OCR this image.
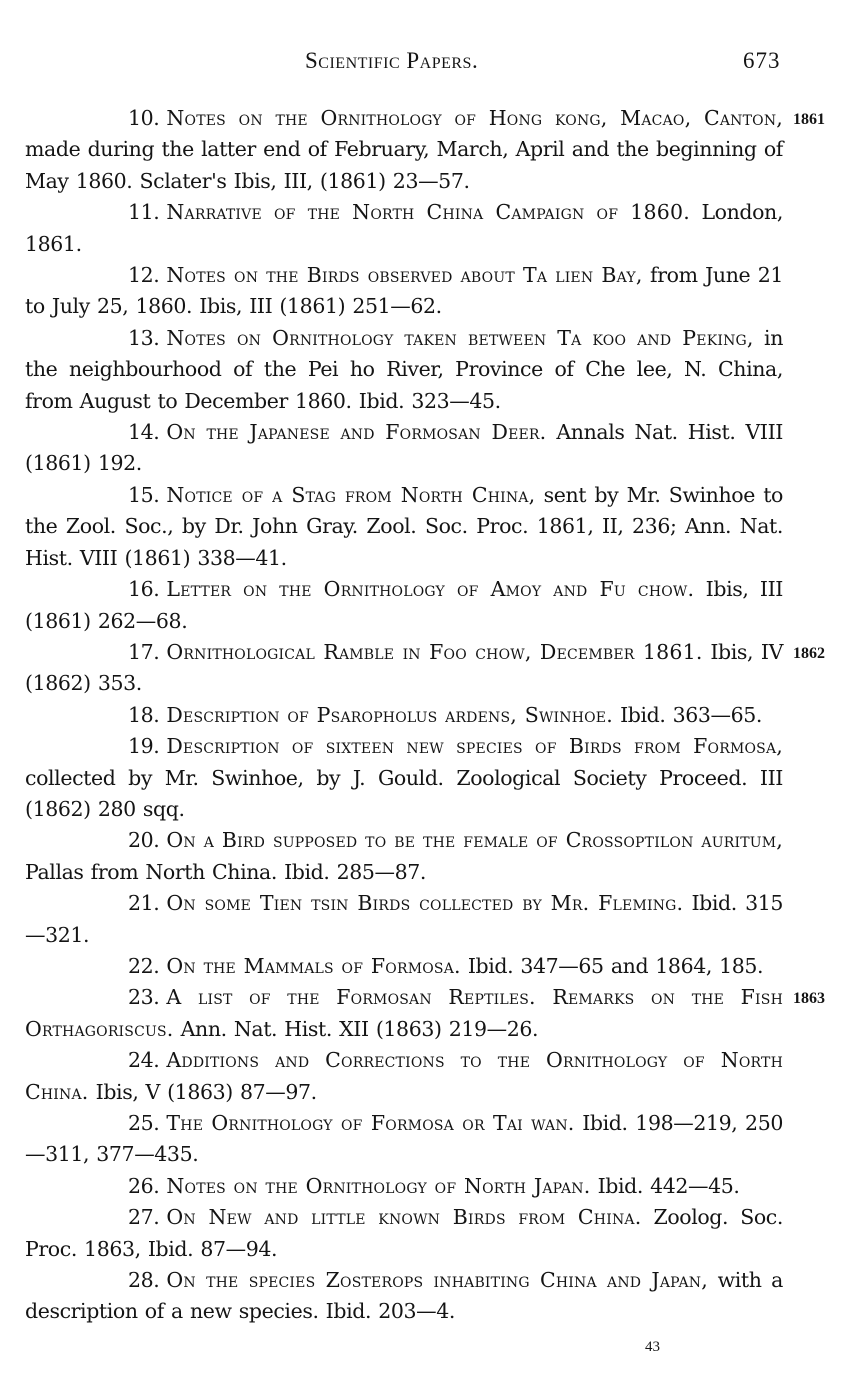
Scientific Papers.	673
10. Notes on the Ornithology of Hong kong, Macao, Canton, made during the latter end of February, March, April and the beginning of May 1860. Sclater's Ibis, III, (1861) 23—57.
1861
11. Narrative of the North China Campaign of 1860. London, 1861.
12. Notes on the Birds observed about Ta lien Bay, from June 21 to July 25, 1860. Ibis, III (1861) 251—62.
13. Notes on Ornithology taken between Ta koo and Peking, in the neighbourhood of the Pei ho River, Province of Che lee, N. China, from August to December 1860. Ibid. 323—45.
14. On the Japanese and Formosan Deer. Annals Nat. Hist. VIII (1861) 192.
15. Notice of a Stag from North China, sent by Mr. Swinhoe to the Zool. Soc., by Dr. John Gray. Zool. Soc. Proc. 1861, II, 236; Ann. Nat. Hist. VIII (1861) 338—41.
16. Letter on the Ornithology of Amoy and Fu chow. Ibis, III (1861) 262—68.
17. Ornithological Ramble in Foo chow, December 1861. Ibis, IV (1862) 353.
1862
18. Description of Psaropholus ardens, Swinhoe. Ibid. 363—65.
19. Description of sixteen new species of Birds from Formosa, collected by Mr. Swinhoe, by J. Gould. Zoological Society Proceed. III (1862) 280 sqq.
20. On a Bird supposed to be the female of Crossoptilon auritum, Pallas from North China. Ibid. 285—87.
21. On some Tien tsin Birds collected by Mr. Fleming. Ibid. 315—321.
22. On the Mammals of Formosa. Ibid. 347—65 and 1864, 185.
23. A list of the Formosan Reptiles. Remarks on the Fish Orthagoriscus. Ann. Nat. Hist. XII (1863) 219—26.
1863
24. Additions and Corrections to the Ornithology of North China. Ibis, V (1863) 87—97.
25. The Ornithology of Formosa or Tai wan. Ibid. 198—219, 250—311, 377—435.
26. Notes on the Ornithology of North Japan. Ibid. 442—45.
27. On New and little known Birds from China. Zoolog. Soc. Proc. 1863, Ibid. 87—94.
28. On the species Zosterops inhabiting China and Japan, with a description of a new species. Ibid. 203—4.
43
